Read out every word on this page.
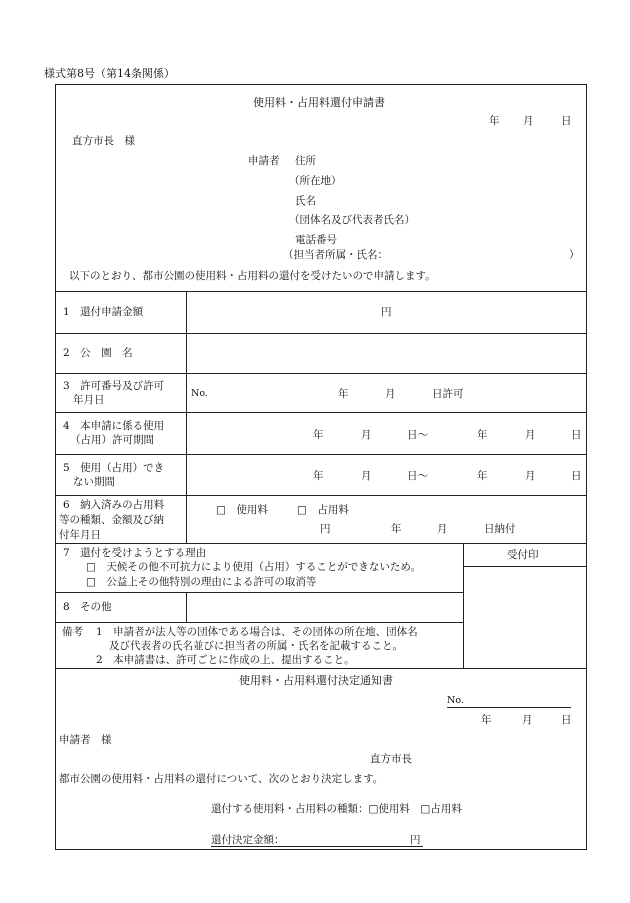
様式第8号（第14条関係）
使用料・占用料還付申請書
年 月	日
直方市長　様
申請者 住所
（所在地）
氏名
（団体名及び代表者氏名）
電話番号
（担当者所属・氏名：	）
以下のとおり、都市公園の使用料・占用料の還付を受けたいので申請します。
1　還付申請金額	円
2　公　園　名
3　許可番号及び許可
年月日
No.	年	月	日許可
4　本申請に係る使用
（占用）許可期間	年	月	日～	年	月	日
5　使用（占用）でき
ない期間	年	月	日～	年	月	日
6　納入済みの占用料
等の種類、金額及び納
付年月日
□　使用料	□　占用料
円	年	月	日納付
7　還付を受けようとする理由
□　天候その他不可抗力により使用（占用）することができないため。
□　公益上その他特別の理由による許可の取消等
受付印
8　その他
備考 1　申請者が法人等の団体である場合は、その団体の所在地、団体名
及び代表者の氏名並びに担当者の所属・氏名を記載すること。
2　本申請書は、許可ごとに作成の上、提出すること。
使用料・占用料還付決定通知書
No.
年	月	日
申請者　様
直方市長
都市公園の使用料・占用料の還付について、次のとおり決定します。
還付する使用料・占用料の種類：□使用料　□占用料
還付決定金額：	円
